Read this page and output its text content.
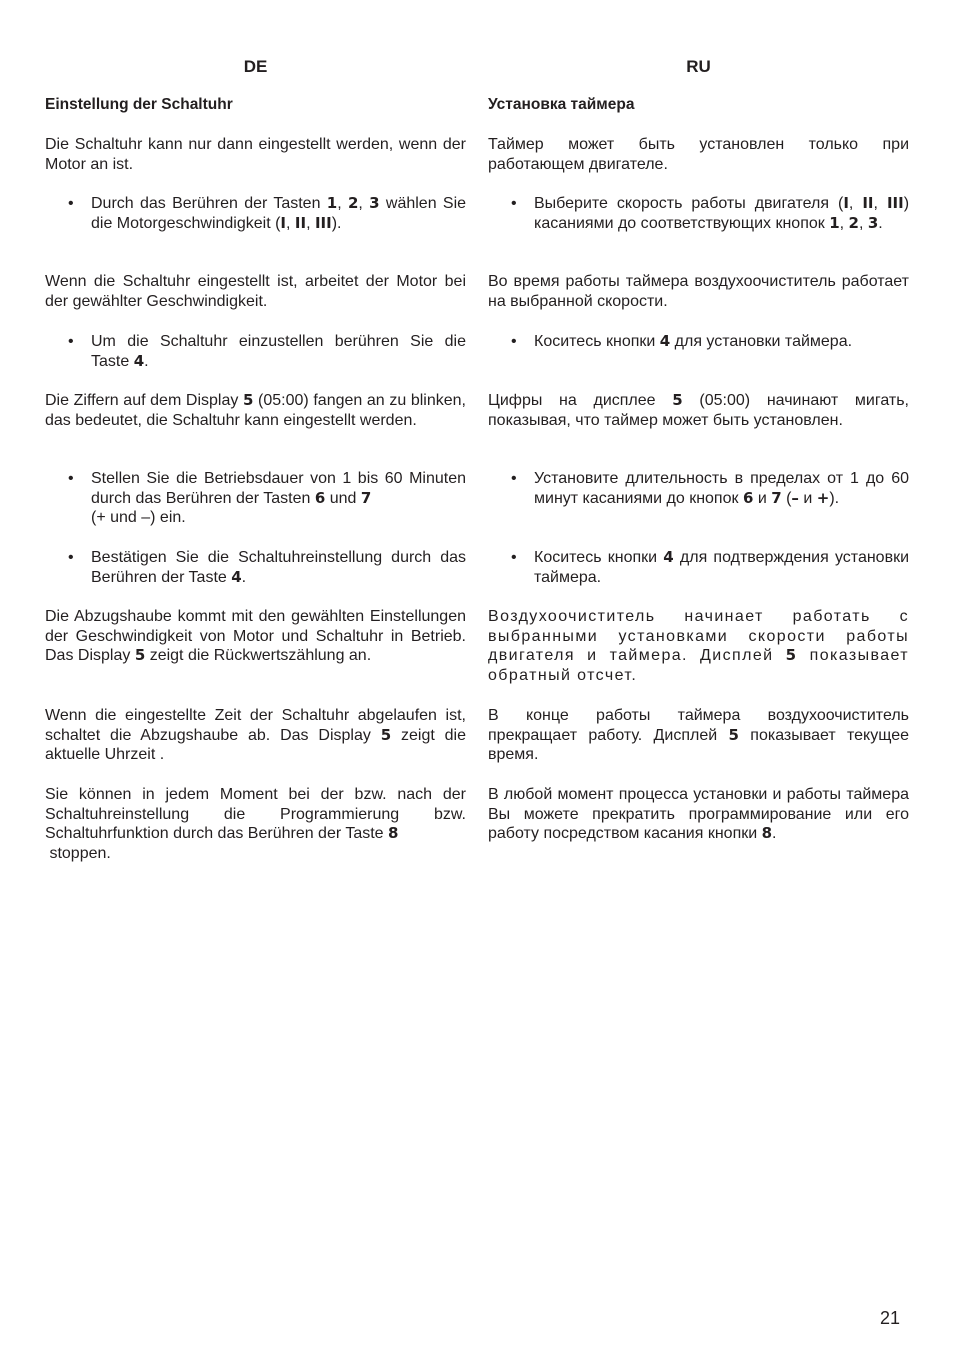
DE
Einstellung der Schaltuhr
Die Schaltuhr kann nur dann eingestellt werden, wenn der Motor an ist.
•	Durch das Berühren der Tasten 1, 2, 3 wählen Sie die Motorgeschwindigkeit (I, II, III).
Wenn die Schaltuhr eingestellt ist, arbeitet der Motor bei der gewählter Geschwindigkeit.
•	Um die Schaltuhr einzustellen berühren Sie die Taste 4.
Die Ziffern auf dem Display 5 (05:00) fangen an zu blinken, das bedeutet, die Schaltuhr kann eingestellt werden.
•	Stellen Sie die Betriebsdauer von 1 bis 60 Minuten durch das Berühren der Tasten 6 und 7
(+ und –) ein.
•	Bestätigen Sie die Schaltuhreinstellung durch das Berühren der Taste 4.
Die Abzugshaube kommt mit den gewählten Einstellungen der Geschwindigkeit von Motor und Schaltuhr in Betrieb. Das Display 5 zeigt die Rückwertszählung an.
Wenn die eingestellte Zeit der Schaltuhr abgelaufen ist, schaltet die Abzugshaube ab. Das Display 5 zeigt die aktuelle Uhrzeit .
Sie können in jedem Moment bei der bzw. nach der Schaltuhreinstellung die Programmierung bzw. Schaltuhrfunktion durch das Berühren der Taste 8
stoppen.
RU
Установка таймера
Таймер может быть установлен только при работающем двигателе.
•	Выберите скорость работы двигателя (I, II, III) касаниями до соответствующих кнопок 1, 2, 3.
Во время работы таймера воздухоочиститель работает на выбранной скорости.
•	Коситесь кнопки 4 для установки таймера.
Цифры на дисплее 5 (05:00) начинают мигать, показывая, что таймер может быть установлен.
•	Установите длительность в пределах от 1 до 60 минут касаниями до кнопок 6 и 7 (– и +).
•	Коситесь кнопки 4 для подтверждения установки таймера.
Воздухоочиститель начинает работать с выбранными установками скорости работы двигателя и таймера. Дисплей 5 показывает обратный отсчет.
В конце работы таймера воздухоочиститель прекращает работу. Дисплей 5 показывает текущее время.
В любой момент процесса установки и работы таймера Вы можете прекратить программирование или его работу посредством касания кнопки 8.
21
